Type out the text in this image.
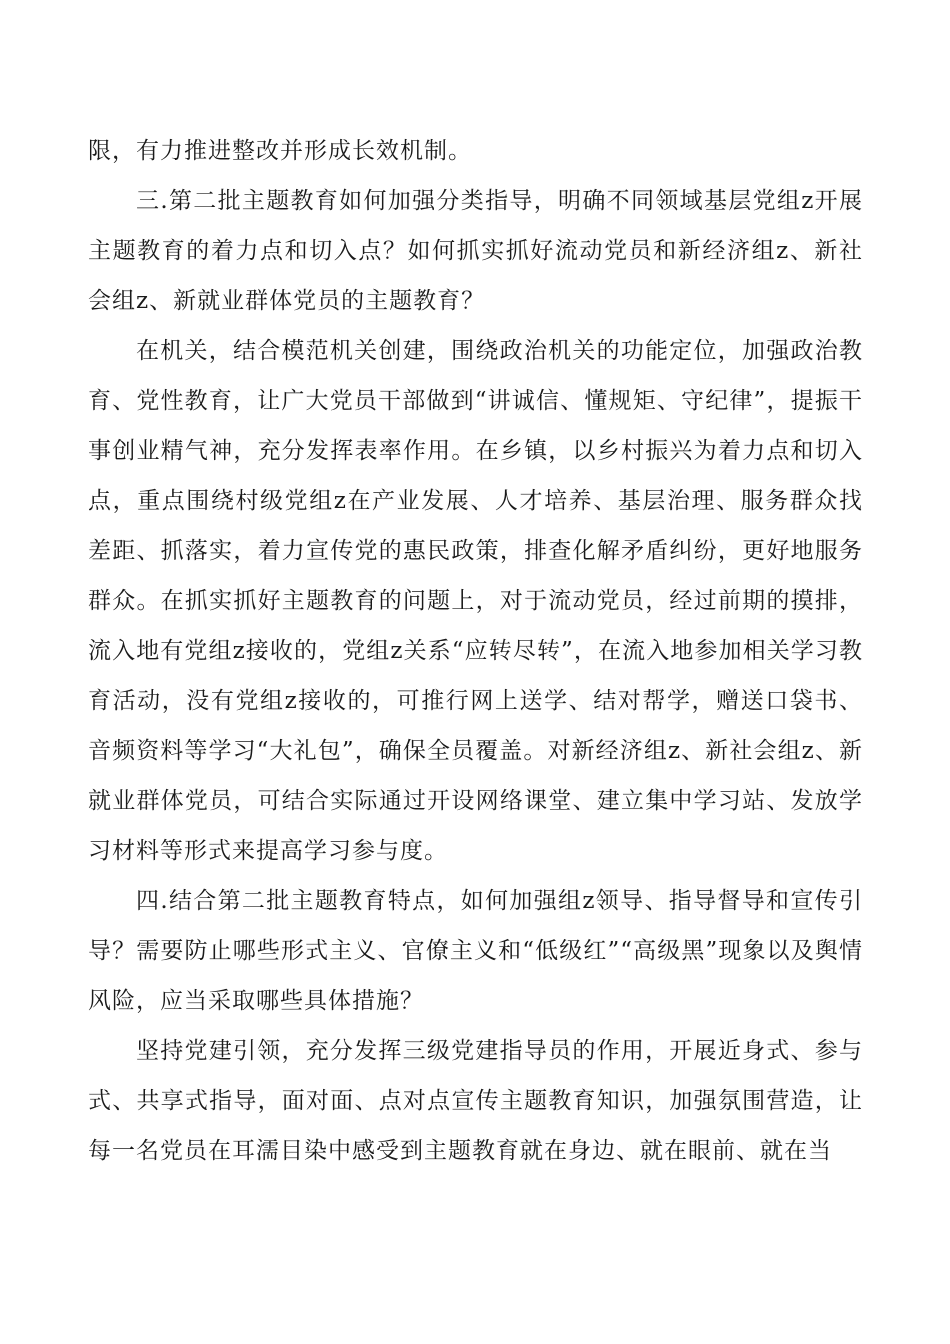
限，有力推进整改并形成长效机制。

三.第二批主题教育如何加强分类指导，明确不同领域基层党组z开展主题教育的着力点和切入点？如何抓实抓好流动党员和新经济组z、新社会组z、新就业群体党员的主题教育？

在机关，结合模范机关创建，围绕政治机关的功能定位，加强政治教育、党性教育，让广大党员干部做到“讲诚信、懂规矩、守纪律”，提振干事创业精气神，充分发挥表率作用。在乡镇，以乡村振兴为着力点和切入点，重点围绕村级党组z在产业发展、人才培养、基层治理、服务群众找差距、抓落实，着力宣传党的惠民政策，排查化解矛盾纠纷，更好地服务群众。在抓实抓好主题教育的问题上，对于流动党员，经过前期的摸排，流入地有党组z接收的，党组z关系“应转尽转”，在流入地参加相关学习教育活动，没有党组z接收的，可推行网上送学、结对帮学，赠送口袋书、音频资料等学习“大礼包”，确保全员覆盖。对新经济组z、新社会组z、新就业群体党员，可结合实际通过开设网络课堂、建立集中学习站、发放学习材料等形式来提高学习参与度。

四.结合第二批主题教育特点，如何加强组z领导、指导督导和宣传引导？需要防止哪些形式主义、官僚主义和“低级红”“高级黑”现象以及舆情风险，应当采取哪些具体措施？

坚持党建引领，充分发挥三级党建指导员的作用，开展近身式、参与式、共享式指导，面对面、点对点宣传主题教育知识，加强氛围营造，让每一名党员在耳濡目染中感受到主题教育就在身边、就在眼前、就在当
